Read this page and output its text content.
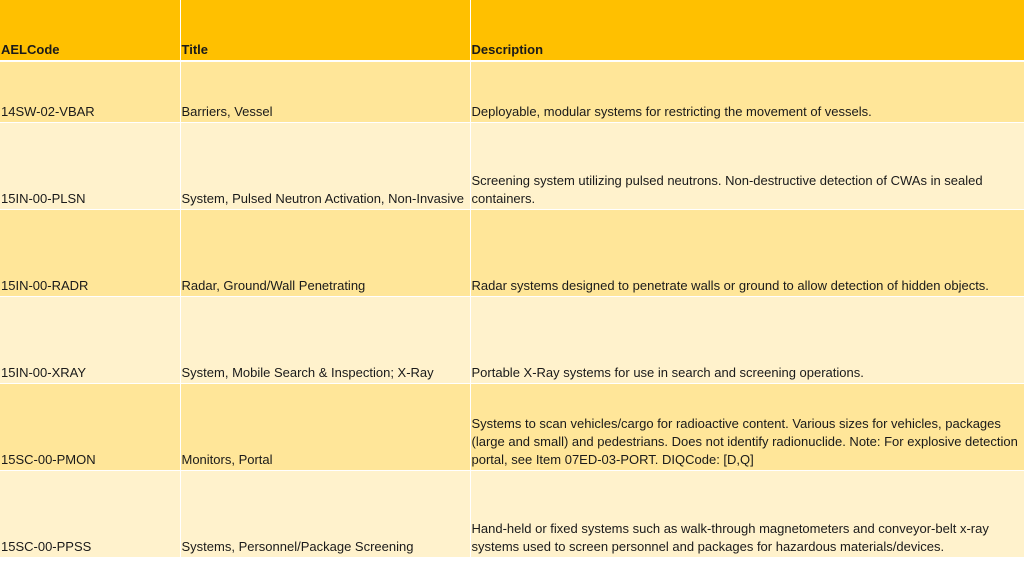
AELCode	Title	Description
14SW-02-VBAR	Barriers, Vessel	Deployable, modular systems for restricting the movement of vessels.
15IN-00-PLSN	System, Pulsed Neutron Activation, Non-Invasive	Screening system utilizing pulsed neutrons. Non-destructive detection of CWAs in sealed containers.
15IN-00-RADR	Radar, Ground/Wall Penetrating	Radar systems designed to penetrate walls or ground to allow detection of hidden objects.
15IN-00-XRAY	System, Mobile Search & Inspection; X-Ray	Portable X-Ray systems for use in search and screening operations.
15SC-00-PMON	Monitors, Portal	Systems to scan vehicles/cargo for radioactive content. Various sizes for vehicles, packages (large and small) and pedestrians. Does not identify radionuclide. Note: For explosive detection portal, see Item 07ED-03-PORT. DIQCode: [D,Q]
15SC-00-PPSS	Systems, Personnel/Package Screening	Hand-held or fixed systems such as walk-through magnetometers and conveyor-belt x-ray systems used to screen personnel and packages for hazardous materials/devices.
